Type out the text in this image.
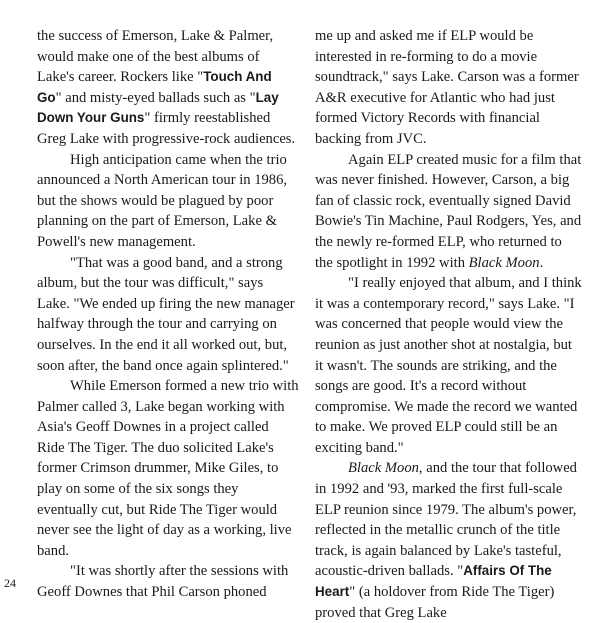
the success of Emerson, Lake & Palmer, would make one of the best albums of Lake's career. Rockers like "Touch And Go" and misty-eyed ballads such as "Lay Down Your Guns" firmly reestablished Greg Lake with progressive-rock audiences.

High anticipation came when the trio announced a North American tour in 1986, but the shows would be plagued by poor planning on the part of Emerson, Lake & Powell's new management.

"That was a good band, and a strong album, but the tour was difficult," says Lake. "We ended up firing the new manager halfway through the tour and carrying on ourselves. In the end it all worked out, but, soon after, the band once again splintered."

While Emerson formed a new trio with Palmer called 3, Lake began working with Asia's Geoff Downes in a project called Ride The Tiger. The duo solicited Lake's former Crimson drummer, Mike Giles, to play on some of the six songs they eventually cut, but Ride The Tiger would never see the light of day as a working, live band.

"It was shortly after the sessions with Geoff Downes that Phil Carson phoned

me up and asked me if ELP would be interested in re-forming to do a movie soundtrack," says Lake. Carson was a former A&R executive for Atlantic who had just formed Victory Records with financial backing from JVC.

Again ELP created music for a film that was never finished. However, Carson, a big fan of classic rock, eventually signed David Bowie's Tin Machine, Paul Rodgers, Yes, and the newly re-formed ELP, who returned to the spotlight in 1992 with Black Moon.

"I really enjoyed that album, and I think it was a contemporary record," says Lake. "I was concerned that people would view the reunion as just another shot at nostalgia, but it wasn't. The sounds are striking, and the songs are good. It's a record without compromise. We made the record we wanted to make. We proved ELP could still be an exciting band."

Black Moon, and the tour that followed in 1992 and '93, marked the first full-scale ELP reunion since 1979. The album's power, reflected in the metallic crunch of the title track, is again balanced by Lake's tasteful, acoustic-driven ballads. "Affairs Of The Heart" (a holdover from Ride The Tiger) proved that Greg Lake

24
